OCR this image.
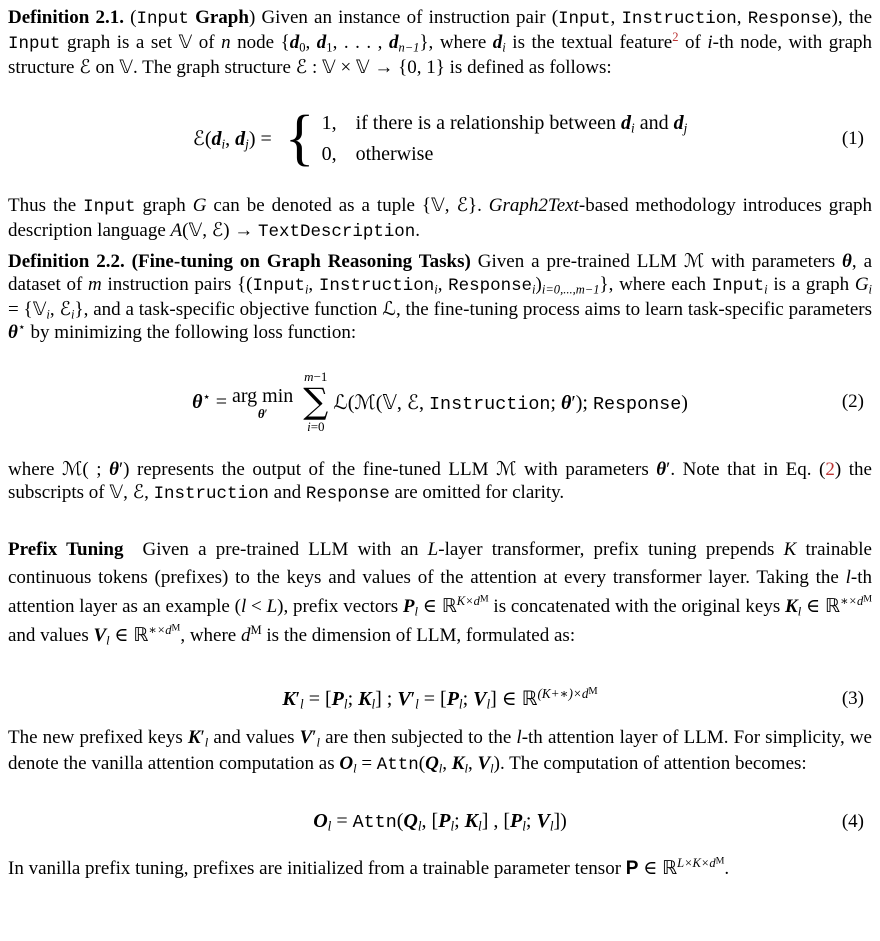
Definition 2.1. (Input Graph) Given an instance of instruction pair (Input, Instruction, Response), the Input graph is a set 𝕍 of n node {$d_0$, $d_1$, . . . , $d_{n-1}$}, where $d_i$ is the textual feature$^2$ of i-th node, with graph structure ℰ on 𝕍. The graph structure ℰ : 𝕍 × 𝕍 → {0, 1} is defined as follows:

$ℰ(d_i$, $d_j$) = { 1, if there is a relationship between $d_i$ and $d_j$
0, otherwise
(1)

Thus the Input graph G can be denoted as a tuple {𝕍, ℰ}. Graph2Text-based methodology introduces graph description language A(𝕍, ℰ) → TextDescription.

Definition 2.2. (Fine-tuning on Graph Reasoning Tasks) Given a pre-trained LLM ℳ with parameters θ, a dataset of m instruction pairs {(Input$_i$, Instruction$_i$, $Response_i)_{i=0,...,m-1}$}, where each Input$_i$ is a graph $G_i$ = {𝕍$_i$, ℰ$_i$}, and a task-specific objective function ℒ, the fine-tuning process aims to learn task-specific parameters θ⋆ by minimizing the following loss function:

θ⋆ = arg min
θ′
m−1
∑
i=0
ℒ(ℳ(𝕍, ℰ, Instruction; θ′); Response)	(2)

where ℳ( ; θ′) represents the output of the fine-tuned LLM ℳ with parameters θ′. Note that in Eq. (2) the subscripts of 𝕍, ℰ, Instruction and Response are omitted for clarity.

Prefix Tuning Given a pre-trained LLM with an L-layer transformer, prefix tuning prepends K trainable continuous tokens (prefixes) to the keys and values of the attention at every transformer layer. Taking the l-th attention layer as an example (l < L), prefix vectors $P_l$ ∈ ℝ$^{K\times dM}$ is concatenated with the original keys $K_l$ ∈ ℝ$^{∗\times dM}$ and values $V_l$ ∈ ℝ$^{∗\times dM}$, where $d^M$ is the dimension of LLM, formulated as:

$K'_l = [P_l$; $K_l$] ; $V'_l = [P_l$; $V_l$] ∈ ℝ$^{(K+∗)\times dM}$	(3)

The new prefixed keys $K'_l$ and values $V'_l$ are then subjected to the l-th attention layer of LLM. For simplicity, we denote the vanilla attention computation as $O_l$ = $Attn(Q_l$, $K_l$, $V_l$). The computation of attention becomes:

$O_l$ = $Attn(Q_l$, [$P_l$; $K_l$] , [$P_l$; $V_l$])	(4)

In vanilla prefix tuning, prefixes are initialized from a trainable parameter tensor P ∈ ℝ$^{L\times K\times dM}$.
